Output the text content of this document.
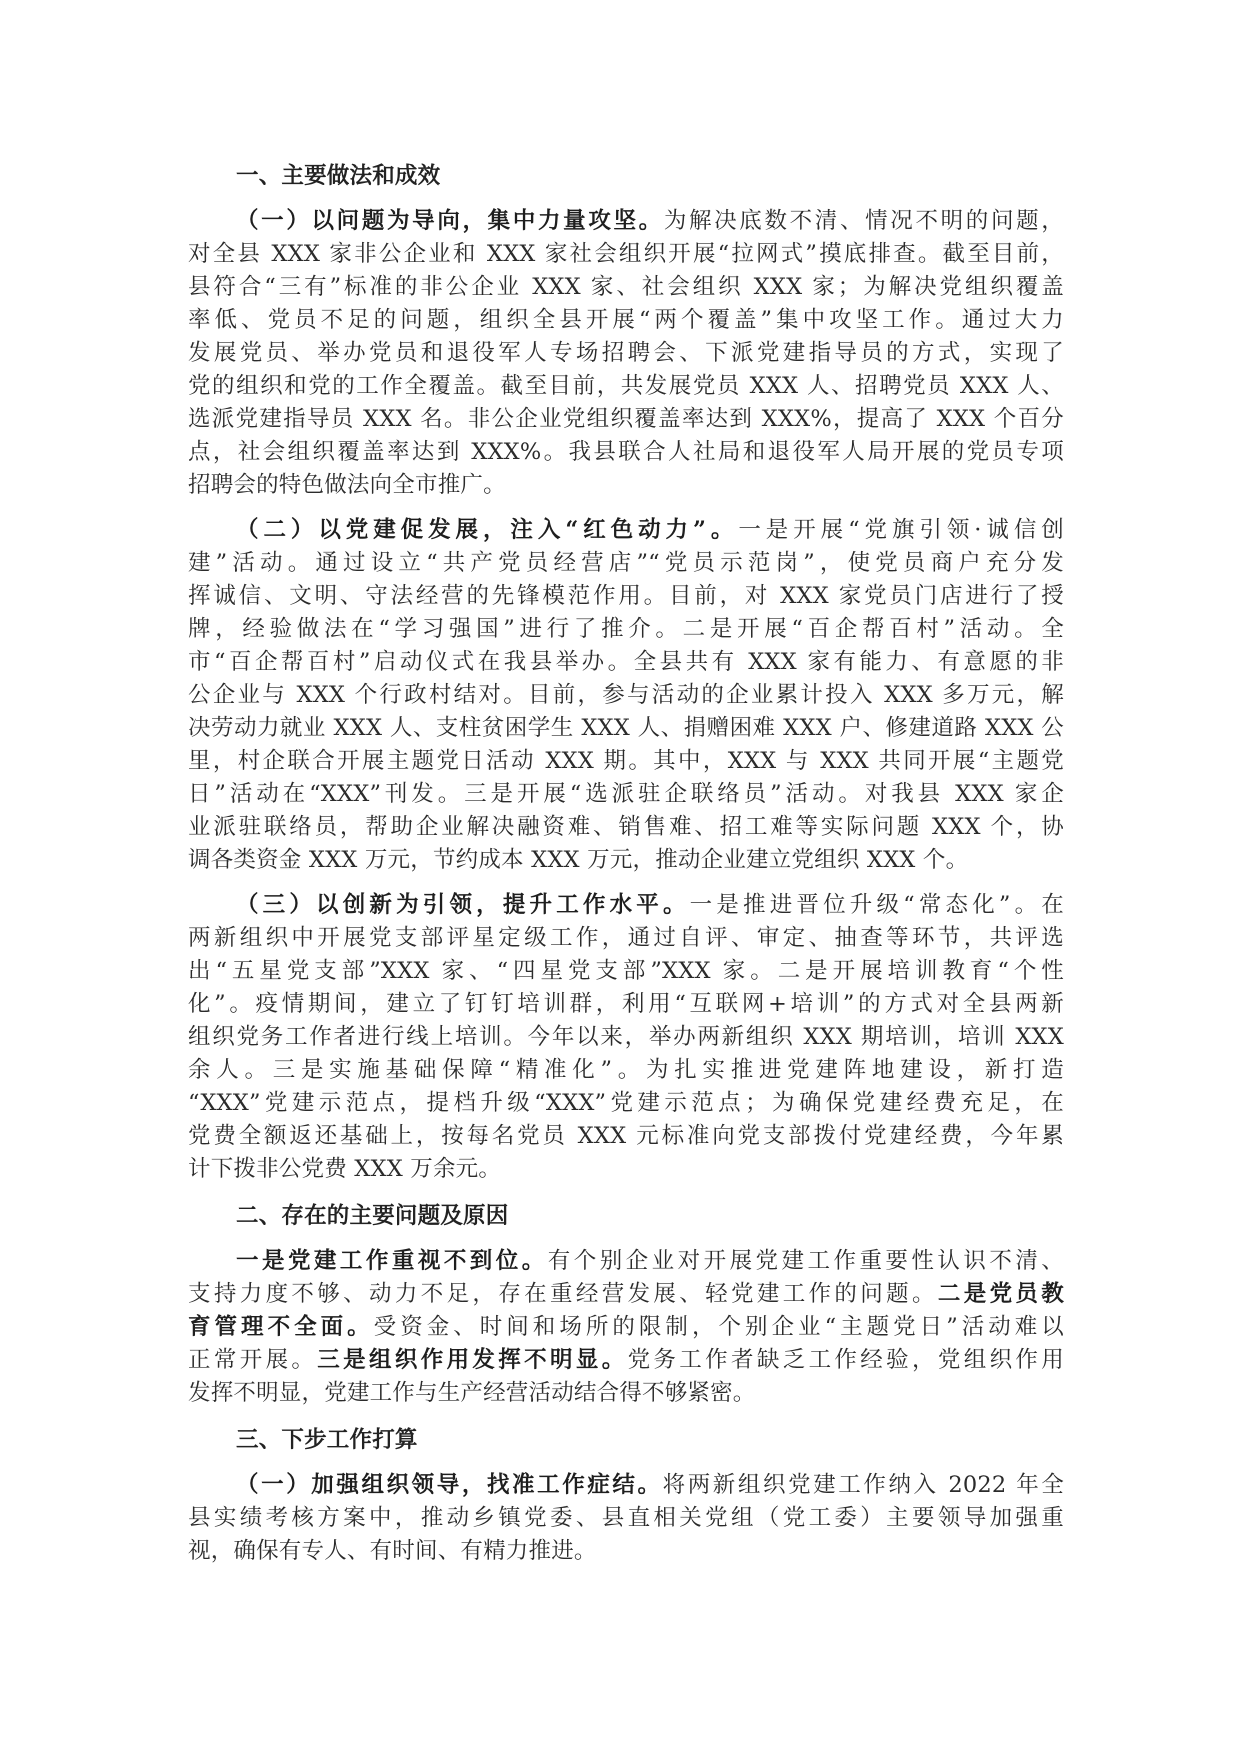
一、主要做法和成效
（一）以问题为导向，集中力量攻坚。为解决底数不清、情况不明的问题，
对全县 XXX 家非公企业和 XXX 家社会组织开展“拉网式”摸底排查。截至目前，
县符合“三有”标准的非公企业 XXX 家、社会组织 XXX 家；为解决党组织覆盖
率低、党员不足的问题，组织全县开展“两个覆盖”集中攻坚工作。通过大力
发展党员、举办党员和退役军人专场招聘会、下派党建指导员的方式，实现了
党的组织和党的工作全覆盖。截至目前，共发展党员 XXX 人、招聘党员 XXX 人、
选派党建指导员 XXX 名。非公企业党组织覆盖率达到 XXX%，提高了 XXX 个百分
点，社会组织覆盖率达到 XXX%。我县联合人社局和退役军人局开展的党员专项
招聘会的特色做法向全市推广。
（二）以党建促发展，注入“红色动力”。一是开展“党旗引领·诚信创
建”活动。通过设立“共产党员经营店”“党员示范岗”，使党员商户充分发
挥诚信、文明、守法经营的先锋模范作用。目前，对 XXX 家党员门店进行了授
牌，经验做法在“学习强国”进行了推介。二是开展“百企帮百村”活动。全
市“百企帮百村”启动仪式在我县举办。全县共有 XXX 家有能力、有意愿的非
公企业与 XXX 个行政村结对。目前，参与活动的企业累计投入 XXX 多万元，解
决劳动力就业 XXX 人、支柱贫困学生 XXX 人、捐赠困难 XXX 户、修建道路 XXX 公
里，村企联合开展主题党日活动 XXX 期。其中，XXX 与 XXX 共同开展“主题党
日”活动在“XXX”刊发。三是开展“选派驻企联络员”活动。对我县 XXX 家企
业派驻联络员，帮助企业解决融资难、销售难、招工难等实际问题 XXX 个，协
调各类资金 XXX 万元，节约成本 XXX 万元，推动企业建立党组织 XXX 个。
（三）以创新为引领，提升工作水平。一是推进晋位升级“常态化”。在
两新组织中开展党支部评星定级工作，通过自评、审定、抽查等环节，共评选
出“五星党支部”XXX 家、“四星党支部”XXX 家。二是开展培训教育“个性
化”。疫情期间，建立了钉钉培训群，利用“互联网+培训”的方式对全县两新
组织党务工作者进行线上培训。今年以来，举办两新组织 XXX 期培训，培训 XXX
余人。三是实施基础保障“精准化”。为扎实推进党建阵地建设，新打造
“XXX”党建示范点，提档升级“XXX”党建示范点；为确保党建经费充足，在
党费全额返还基础上，按每名党员 XXX 元标准向党支部拨付党建经费，今年累
计下拨非公党费 XXX 万余元。
二、存在的主要问题及原因
一是党建工作重视不到位。有个别企业对开展党建工作重要性认识不清、
支持力度不够、动力不足，存在重经营发展、轻党建工作的问题。二是党员教
育管理不全面。受资金、时间和场所的限制，个别企业“主题党日”活动难以
正常开展。三是组织作用发挥不明显。党务工作者缺乏工作经验，党组织作用
发挥不明显，党建工作与生产经营活动结合得不够紧密。
三、下步工作打算
（一）加强组织领导，找准工作症结。将两新组织党建工作纳入 2022 年全
县实绩考核方案中，推动乡镇党委、县直相关党组（党工委）主要领导加强重
视，确保有专人、有时间、有精力推进。
